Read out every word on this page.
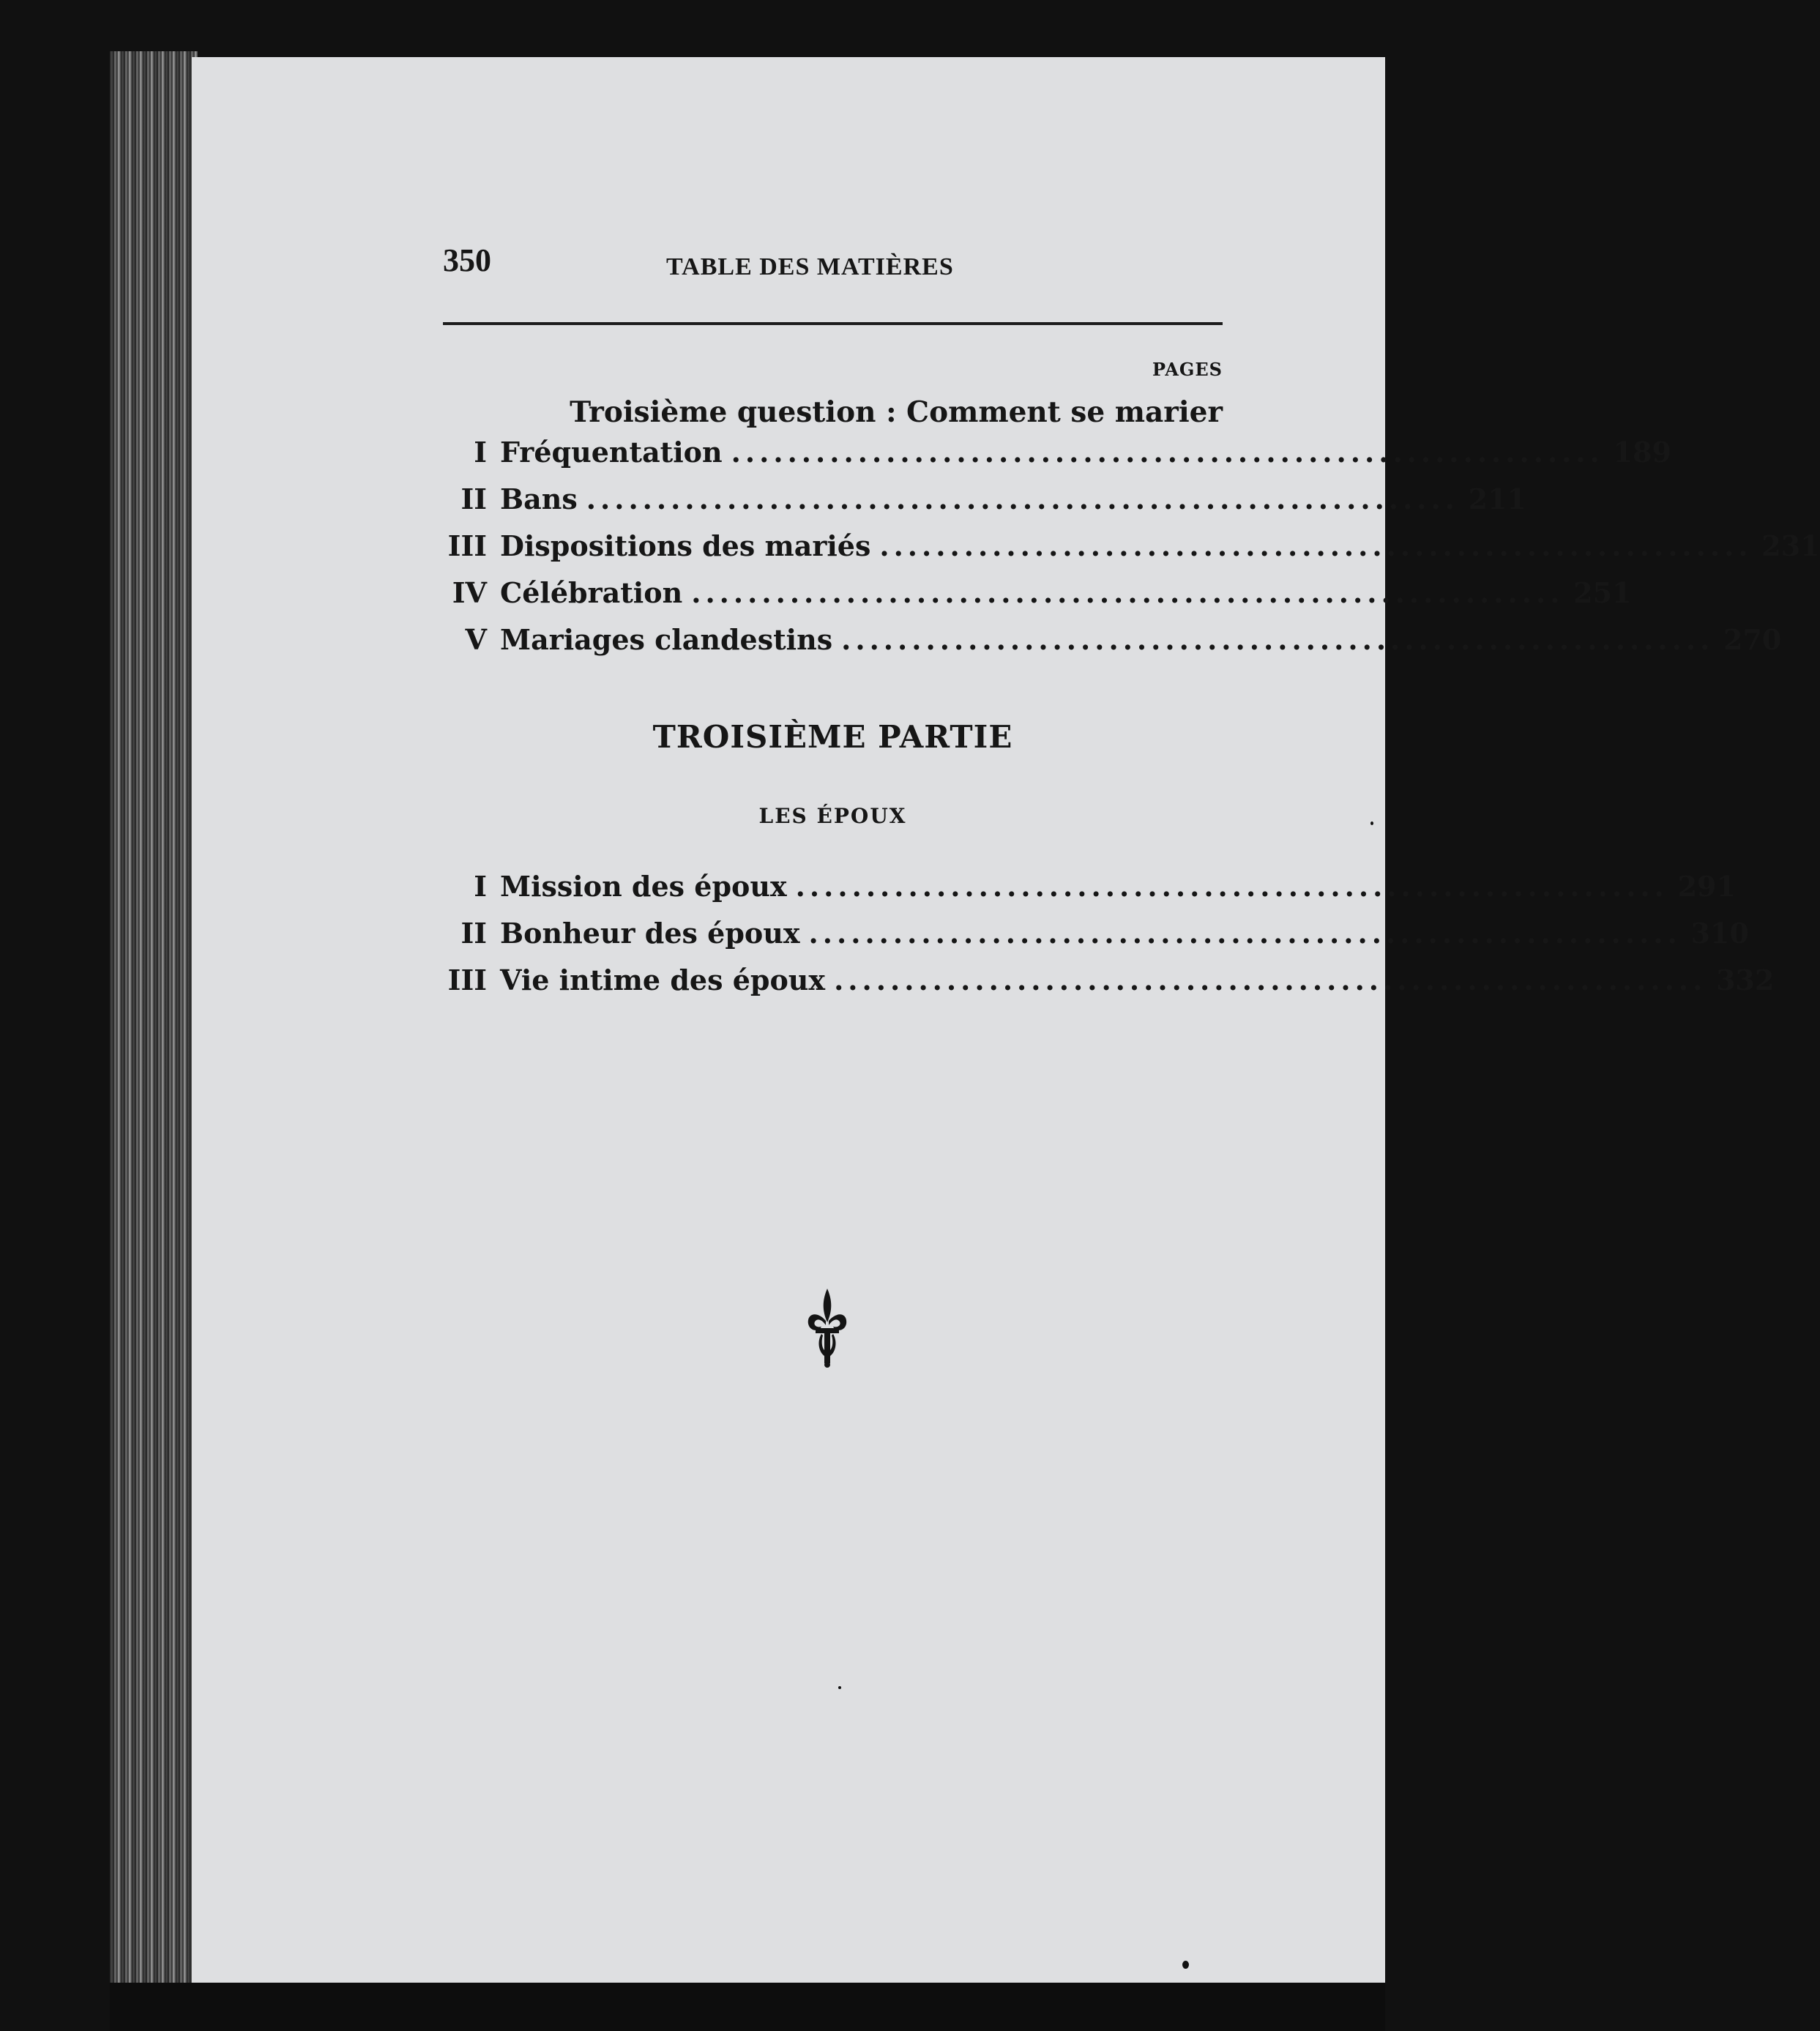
350	TABLE DES MATIÈRES
PAGES
Troisième question : Comment se marier
I Fréquentation .............................................................. 189
II Bans .............................................................. 211
III Dispositions des mariés .............................................................. 231
IV Célébration .............................................................. 251
V Mariages clandestins .............................................................. 270
TROISIÈME PARTIE
LES ÉPOUX
I Mission des époux .............................................................. 291
II Bonheur des époux .............................................................. 310
III Vie intime des époux .............................................................. 332
